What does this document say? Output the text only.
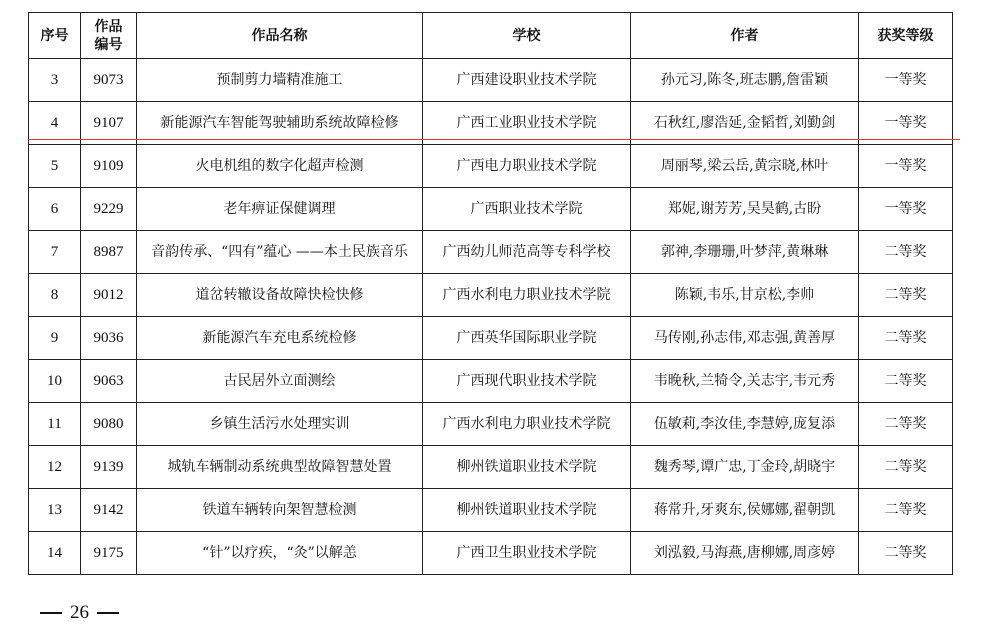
序号	作品编号	作品名称	学校	作者	获奖等级
3	9073	预制剪力墙精准施工	广西建设职业技术学院	孙元习,陈冬,班志鹏,詹雷颖	一等奖
4	9107	新能源汽车智能驾驶辅助系统故障检修	广西工业职业技术学院	石秋红,廖浩延,金韬哲,刘勤剑	一等奖
5	9109	火电机组的数字化超声检测	广西电力职业技术学院	周丽琴,梁云岳,黄宗晓,林叶	一等奖
6	9229	老年痹证保健调理	广西职业技术学院	郑妮,谢芳芳,吴昊鹤,古盼	一等奖
7	8987	音韵传承、“四有”蕴心 ——本土民族音乐	广西幼儿师范高等专科学校	郭神,李珊珊,叶梦萍,黄琳琳	二等奖
8	9012	道岔转辙设备故障快检快修	广西水利电力职业技术学院	陈颖,韦乐,甘京松,李帅	二等奖
9	9036	新能源汽车充电系统检修	广西英华国际职业学院	马传刚,孙志伟,邓志强,黄善厚	二等奖
10	9063	古民居外立面测绘	广西现代职业技术学院	韦晚秋,兰犄令,关志宇,韦元秀	二等奖
11	9080	乡镇生活污水处理实训	广西水利电力职业技术学院	伍敏莉,李汝佳,李慧婷,庞复添	二等奖
12	9139	城轨车辆制动系统典型故障智慧处置	柳州铁道职业技术学院	魏秀琴,谭广忠,丁金玲,胡晓宇	二等奖
13	9142	铁道车辆转向架智慧检测	柳州铁道职业技术学院	蒋常升,牙爽东,侯娜娜,翟朝凯	二等奖
14	9175	“针”以疗疾，“灸”以解恙	广西卫生职业技术学院	刘泓毅,马海燕,唐柳娜,周彦婷	二等奖
26
